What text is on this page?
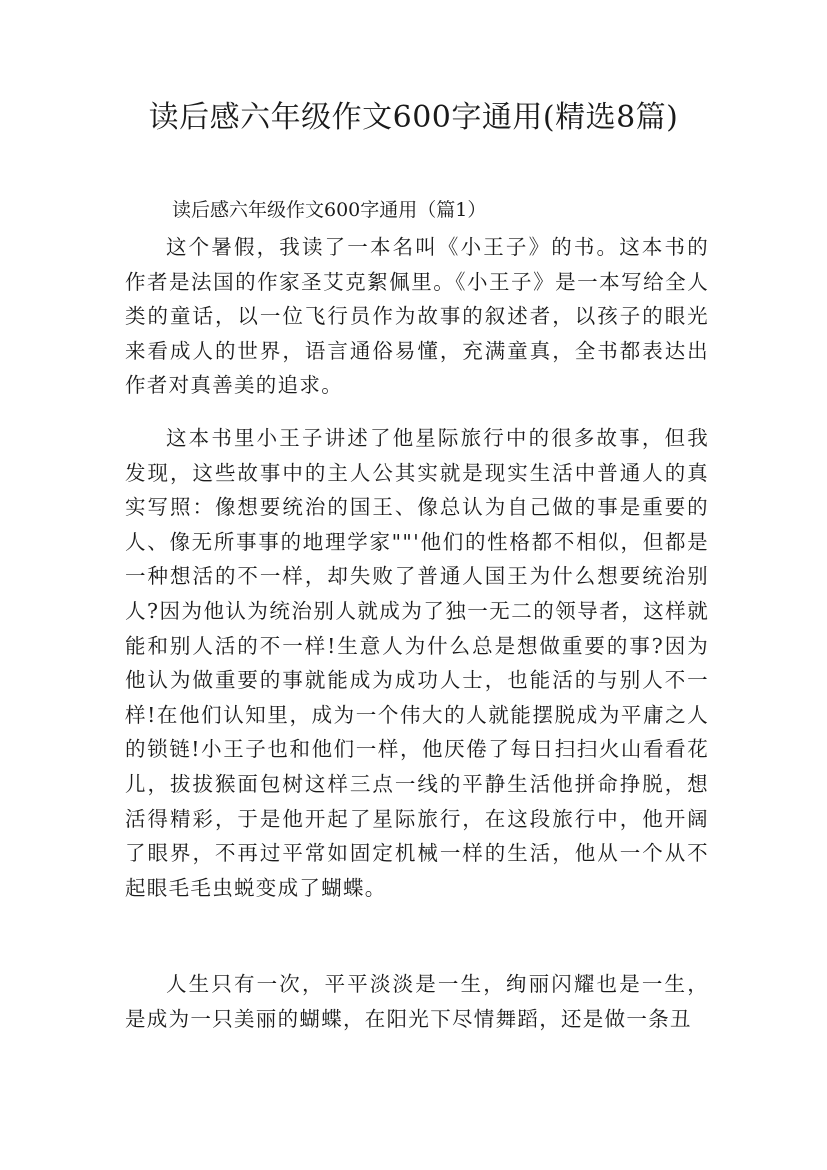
读后感六年级作文600字通用(精选8篇)
读后感六年级作文600字通用（篇1）

这个暑假，我读了一本名叫《小王子》的书。这本书的作者是法国的作家圣艾克絮佩里。《小王子》是一本写给全人类的童话，以一位飞行员作为故事的叙述者，以孩子的眼光来看成人的世界，语言通俗易懂，充满童真，全书都表达出作者对真善美的追求。

这本书里小王子讲述了他星际旅行中的很多故事，但我发现，这些故事中的主人公其实就是现实生活中普通人的真实写照：像想要统治的国王、像总认为自己做的事是重要的人、像无所事事的地理学家""'他们的性格都不相似，但都是一种想活的不一样，却失败了普通人国王为什么想要统治别人?因为他认为统治别人就成为了独一无二的领导者，这样就能和别人活的不一样!生意人为什么总是想做重要的事?因为他认为做重要的事就能成为成功人士，也能活的与别人不一样!在他们认知里，成为一个伟大的人就能摆脱成为平庸之人的锁链!小王子也和他们一样，他厌倦了每日扫扫火山看看花儿，拔拔猴面包树这样三点一线的平静生活他拼命挣脱，想活得精彩，于是他开起了星际旅行，在这段旅行中，他开阔了眼界，不再过平常如固定机械一样的生活，他从一个从不起眼毛毛虫蜕变成了蝴蝶。

人生只有一次，平平淡淡是一生，绚丽闪耀也是一生，是成为一只美丽的蝴蝶，在阳光下尽情舞蹈，还是做一条丑
